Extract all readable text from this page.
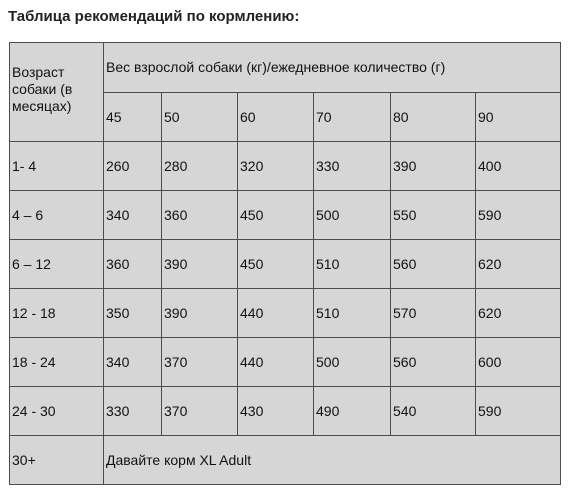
Таблица рекомендаций по кормлению:
Возраст
собаки (в
месяцах)	Вес взрослой собаки (кг)/ежедневное количество (г)					
	45	50	60	70	80	90
1- 4	260	280	320	330	390	400
4 – 6	340	360	450	500	550	590
6 – 12	360	390	450	510	560	620
12 - 18	350	390	440	510	570	620
18 - 24	340	370	440	500	560	600
24 - 30	330	370	430	490	540	590
30+	Давайте корм XL Adult					
